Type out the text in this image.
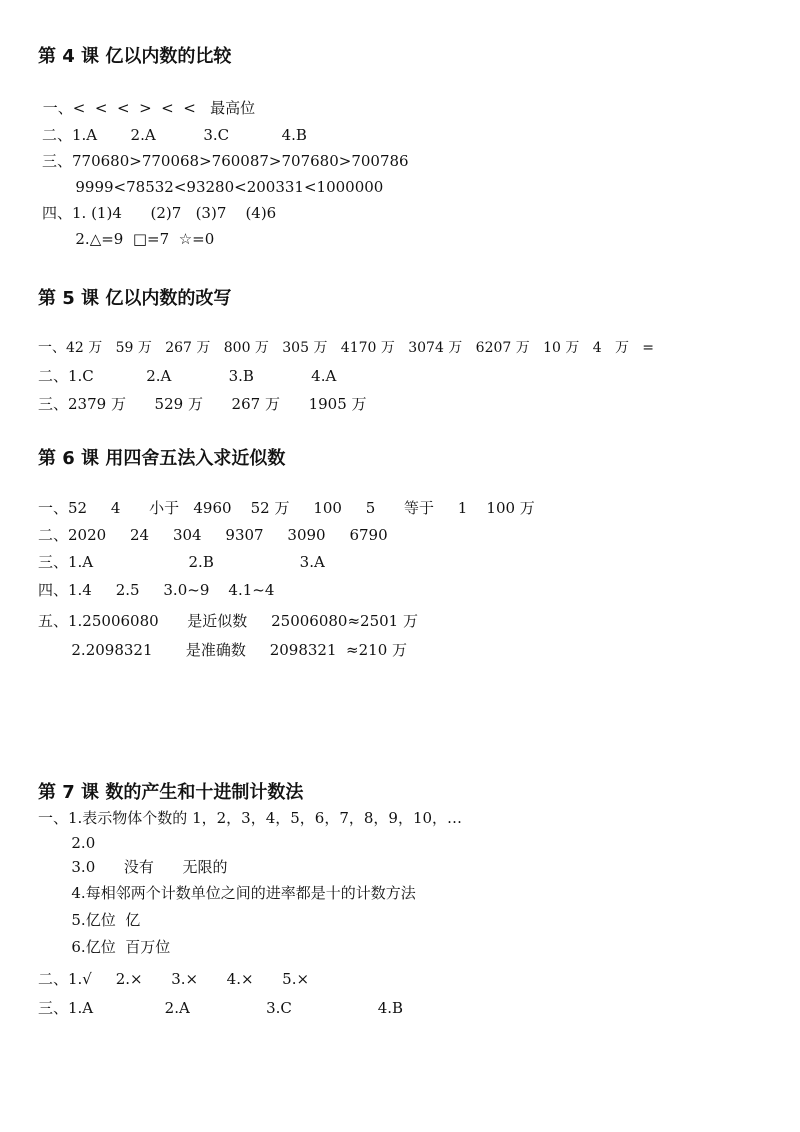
第 4 课 亿以内数的比较
一、<  <  <  >  <  <   最高位
二、1.A       2.A          3.C           4.B
三、770680>770068>760087>707680>700786
9999<78532<93280<200331<1000000
四、1. (1)4      (2)7   (3)7    (4)6
2.△=9  □=7  ☆=0
第 5 课 亿以内数的改写
一、42 万   59 万   267 万   800 万   305 万   4170 万   3074 万   6207 万   10 万   4   万   =
二、1.C           2.A            3.B            4.A
三、2379 万      529 万      267 万      1905 万
第 6 课 用四舍五法入求近似数
一、52     4      小于   4960    52 万     100     5      等于     1    100 万
二、2020     24     304     9307     3090     6790
三、1.A                    2.B                  3.A
四、1.4     2.5     3.0~9    4.1~4
五、1.25006080      是近似数     25006080≈2501 万
2.2098321       是准确数     2098321  ≈210 万
第 7 课 数的产生和十进制计数法
一、1.表示物体个数的 1，2，3，4，5，6，7，8，9，10，…
2.0
3.0      没有      无限的
4.每相邻两个计数单位之间的进率都是十的计数方法
5.亿位  亿
6.亿位  百万位
二、1.√     2.×      3.×      4.×      5.×
三、1.A               2.A                3.C                  4.B
